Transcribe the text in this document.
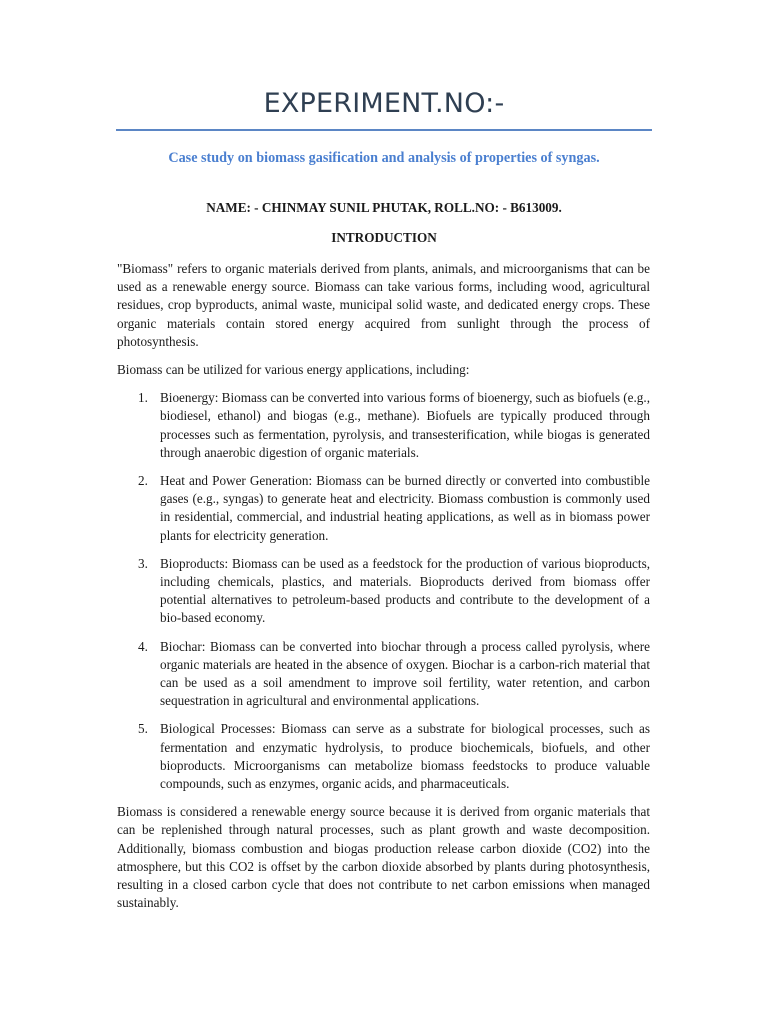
EXPERIMENT.NO:-
Case study on biomass gasification and analysis of properties of syngas.
NAME: - CHINMAY SUNIL PHUTAK, ROLL.NO: - B613009.
INTRODUCTION

"Biomass" refers to organic materials derived from plants, animals, and microorganisms that can be used as a renewable energy source. Biomass can take various forms, including wood, agricultural residues, crop byproducts, animal waste, municipal solid waste, and dedicated energy crops. These organic materials contain stored energy acquired from sunlight through the process of photosynthesis.

Biomass can be utilized for various energy applications, including:

1. Bioenergy: Biomass can be converted into various forms of bioenergy, such as biofuels (e.g., biodiesel, ethanol) and biogas (e.g., methane). Biofuels are typically produced through processes such as fermentation, pyrolysis, and transesterification, while biogas is generated through anaerobic digestion of organic materials.
2. Heat and Power Generation: Biomass can be burned directly or converted into combustible gases (e.g., syngas) to generate heat and electricity. Biomass combustion is commonly used in residential, commercial, and industrial heating applications, as well as in biomass power plants for electricity generation.
3. Bioproducts: Biomass can be used as a feedstock for the production of various bioproducts, including chemicals, plastics, and materials. Bioproducts derived from biomass offer potential alternatives to petroleum-based products and contribute to the development of a bio-based economy.
4. Biochar: Biomass can be converted into biochar through a process called pyrolysis, where organic materials are heated in the absence of oxygen. Biochar is a carbon-rich material that can be used as a soil amendment to improve soil fertility, water retention, and carbon sequestration in agricultural and environmental applications.
5. Biological Processes: Biomass can serve as a substrate for biological processes, such as fermentation and enzymatic hydrolysis, to produce biochemicals, biofuels, and other bioproducts. Microorganisms can metabolize biomass feedstocks to produce valuable compounds, such as enzymes, organic acids, and pharmaceuticals.

Biomass is considered a renewable energy source because it is derived from organic materials that can be replenished through natural processes, such as plant growth and waste decomposition. Additionally, biomass combustion and biogas production release carbon dioxide (CO2) into the atmosphere, but this CO2 is offset by the carbon dioxide absorbed by plants during photosynthesis, resulting in a closed carbon cycle that does not contribute to net carbon emissions when managed sustainably.
